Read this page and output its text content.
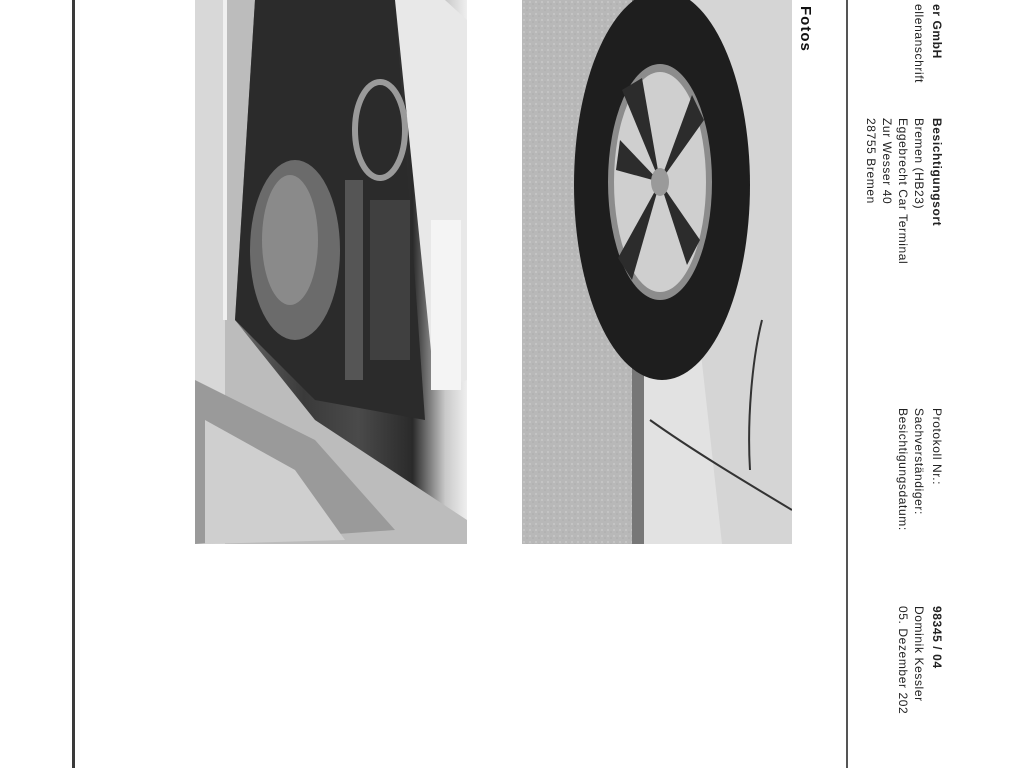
Fotos	er GmbH
ellenanschrift
Besichtigungsort
Bremen (HB23)
Eggebrecht Car Terminal
Zur Wesser 40
28755 Bremen
Protokoll Nr.:
Sachverständiger:
Besichtigungsdatum:
98345 / 04
Dominik Kessler
05. Dezember 202
